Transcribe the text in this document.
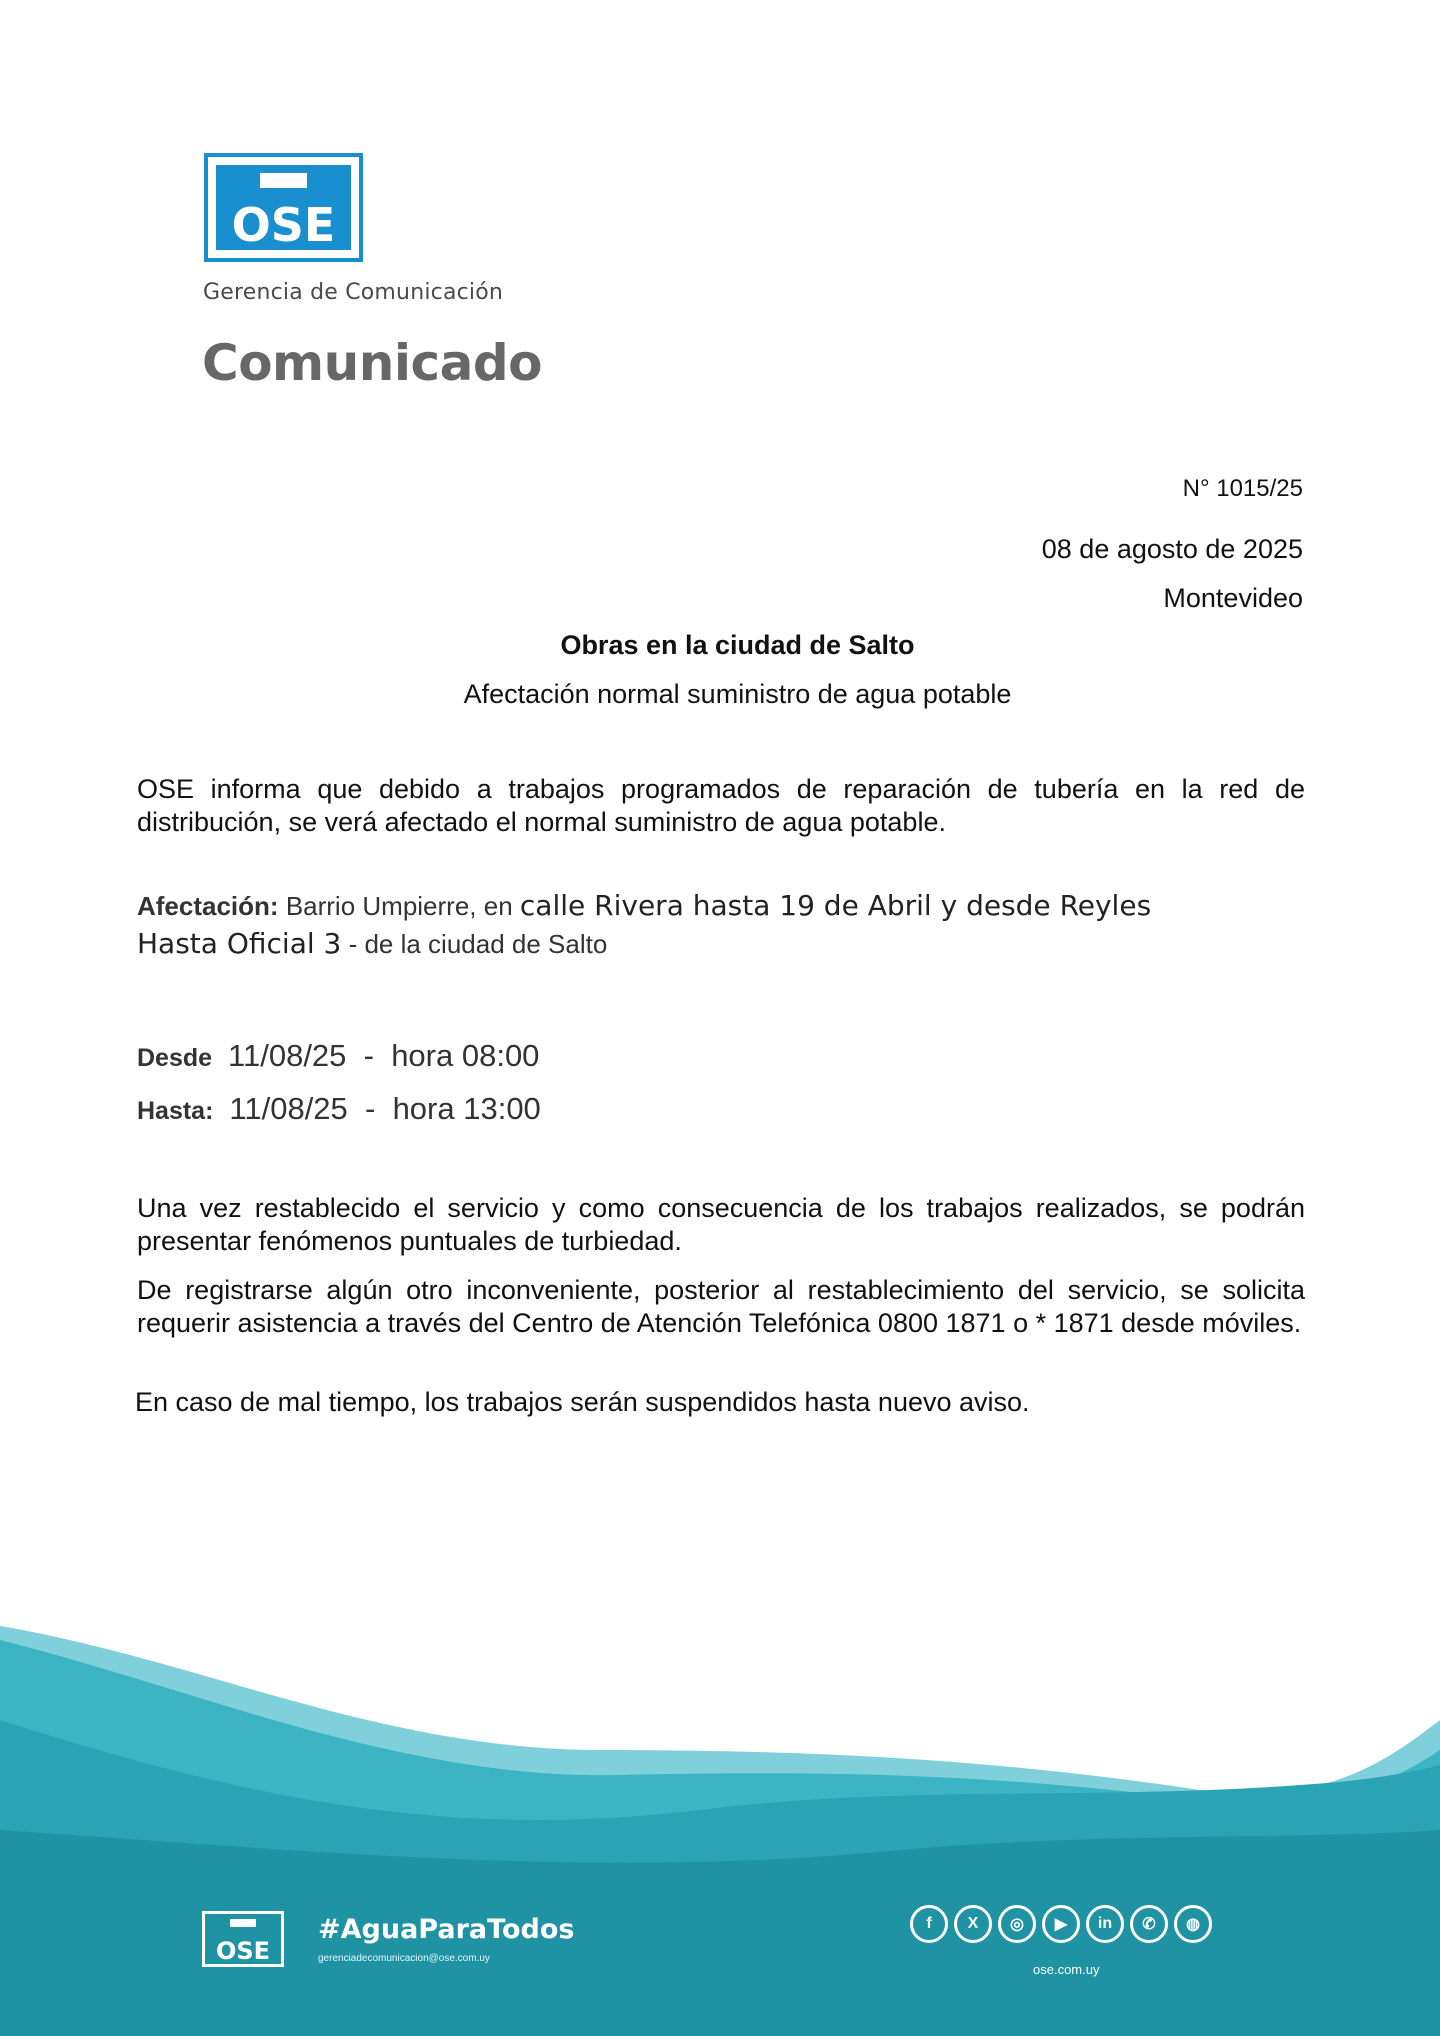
OSE
Gerencia de Comunicación
Comunicado
N° 1015/25
08 de agosto de 2025
Montevideo
Obras en la ciudad de Salto
Afectación normal suministro de agua potable
OSE informa que debido a trabajos programados de reparación de tubería en la red de distribución, se verá afectado el normal suministro de agua potable.
Afectación: Barrio Umpierre, en calle Rivera hasta 19 de Abril y desde Reyles
Hasta Oficial 3 - de la ciudad de Salto
Desde 11/08/25  -  hora 08:00
Hasta: 11/08/25  -  hora 13:00
Una vez restablecido el servicio y como consecuencia de los trabajos realizados, se podrán presentar fenómenos puntuales de turbiedad.
De registrarse algún otro inconveniente, posterior al restablecimiento del servicio, se solicita requerir asistencia a través del Centro de Atención Telefónica 0800 1871 o * 1871 desde móviles.
En caso de mal tiempo, los trabajos serán suspendidos hasta nuevo aviso.
OSE
#AguaParaTodos
gerenciadecomunicacion@ose.com.uy
f	X	◎	▶	in	✆	◍
ose.com.uy
